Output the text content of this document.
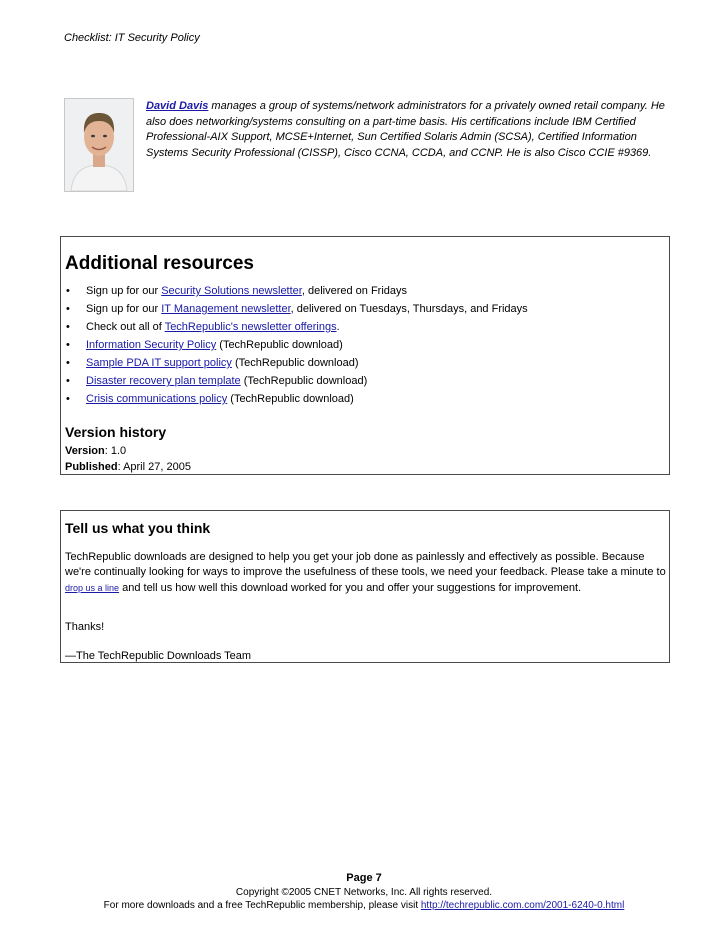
Checklist: IT Security Policy
David Davis manages a group of systems/network administrators for a privately owned retail company. He also does networking/systems consulting on a part-time basis. His certifications include IBM Certified Professional-AIX Support, MCSE+Internet, Sun Certified Solaris Admin (SCSA), Certified Information Systems Security Professional (CISSP), Cisco CCNA, CCDA, and CCNP. He is also Cisco CCIE #9369.
Additional resources
• Sign up for our Security Solutions newsletter, delivered on Fridays
• Sign up for our IT Management newsletter, delivered on Tuesdays, Thursdays, and Fridays
• Check out all of TechRepublic's newsletter offerings.
• Information Security Policy (TechRepublic download)
• Sample PDA IT support policy (TechRepublic download)
• Disaster recovery plan template (TechRepublic download)
• Crisis communications policy (TechRepublic download)
Version history
Version: 1.0
Published: April 27, 2005
Tell us what you think
TechRepublic downloads are designed to help you get your job done as painlessly and effectively as possible. Because we're continually looking for ways to improve the usefulness of these tools, we need your feedback. Please take a minute to drop us a line and tell us how well this download worked for you and offer your suggestions for improvement.
Thanks!
—The TechRepublic Downloads Team
Page 7
Copyright ©2005 CNET Networks, Inc. All rights reserved.
For more downloads and a free TechRepublic membership, please visit http://techrepublic.com.com/2001-6240-0.html
